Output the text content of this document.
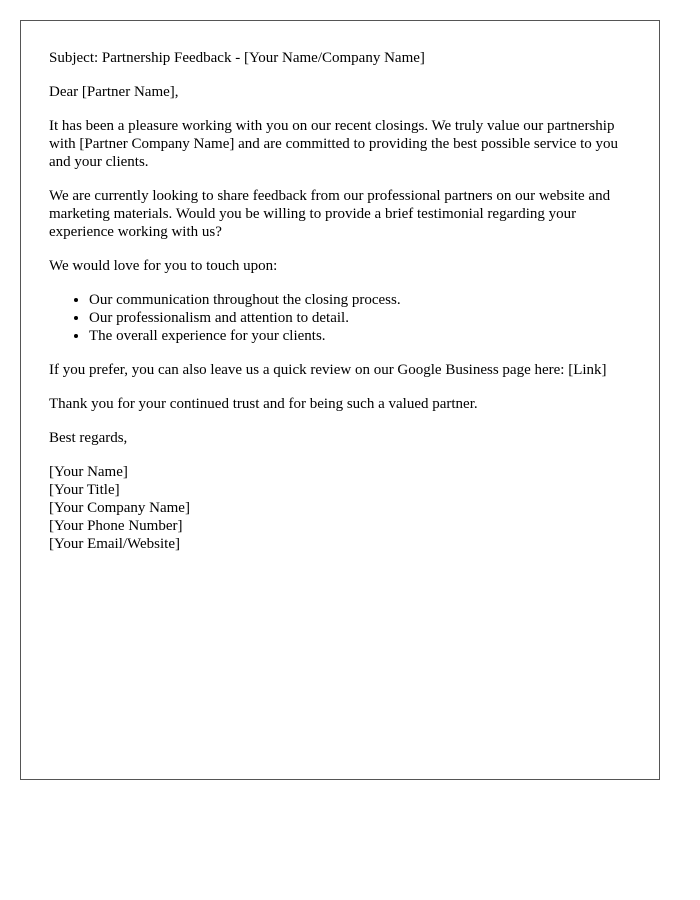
Subject: Partnership Feedback - [Your Name/Company Name]

Dear [Partner Name],

It has been a pleasure working with you on our recent closings. We truly value our partnership with [Partner Company Name] and are committed to providing the best possible service to you and your clients.

We are currently looking to share feedback from our professional partners on our website and marketing materials. Would you be willing to provide a brief testimonial regarding your experience working with us?

We would love for you to touch upon:

• Our communication throughout the closing process.
• Our professionalism and attention to detail.
• The overall experience for your clients.

If you prefer, you can also leave us a quick review on our Google Business page here: [Link]

Thank you for your continued trust and for being such a valued partner.

Best regards,

[Your Name]
[Your Title]
[Your Company Name]
[Your Phone Number]
[Your Email/Website]
